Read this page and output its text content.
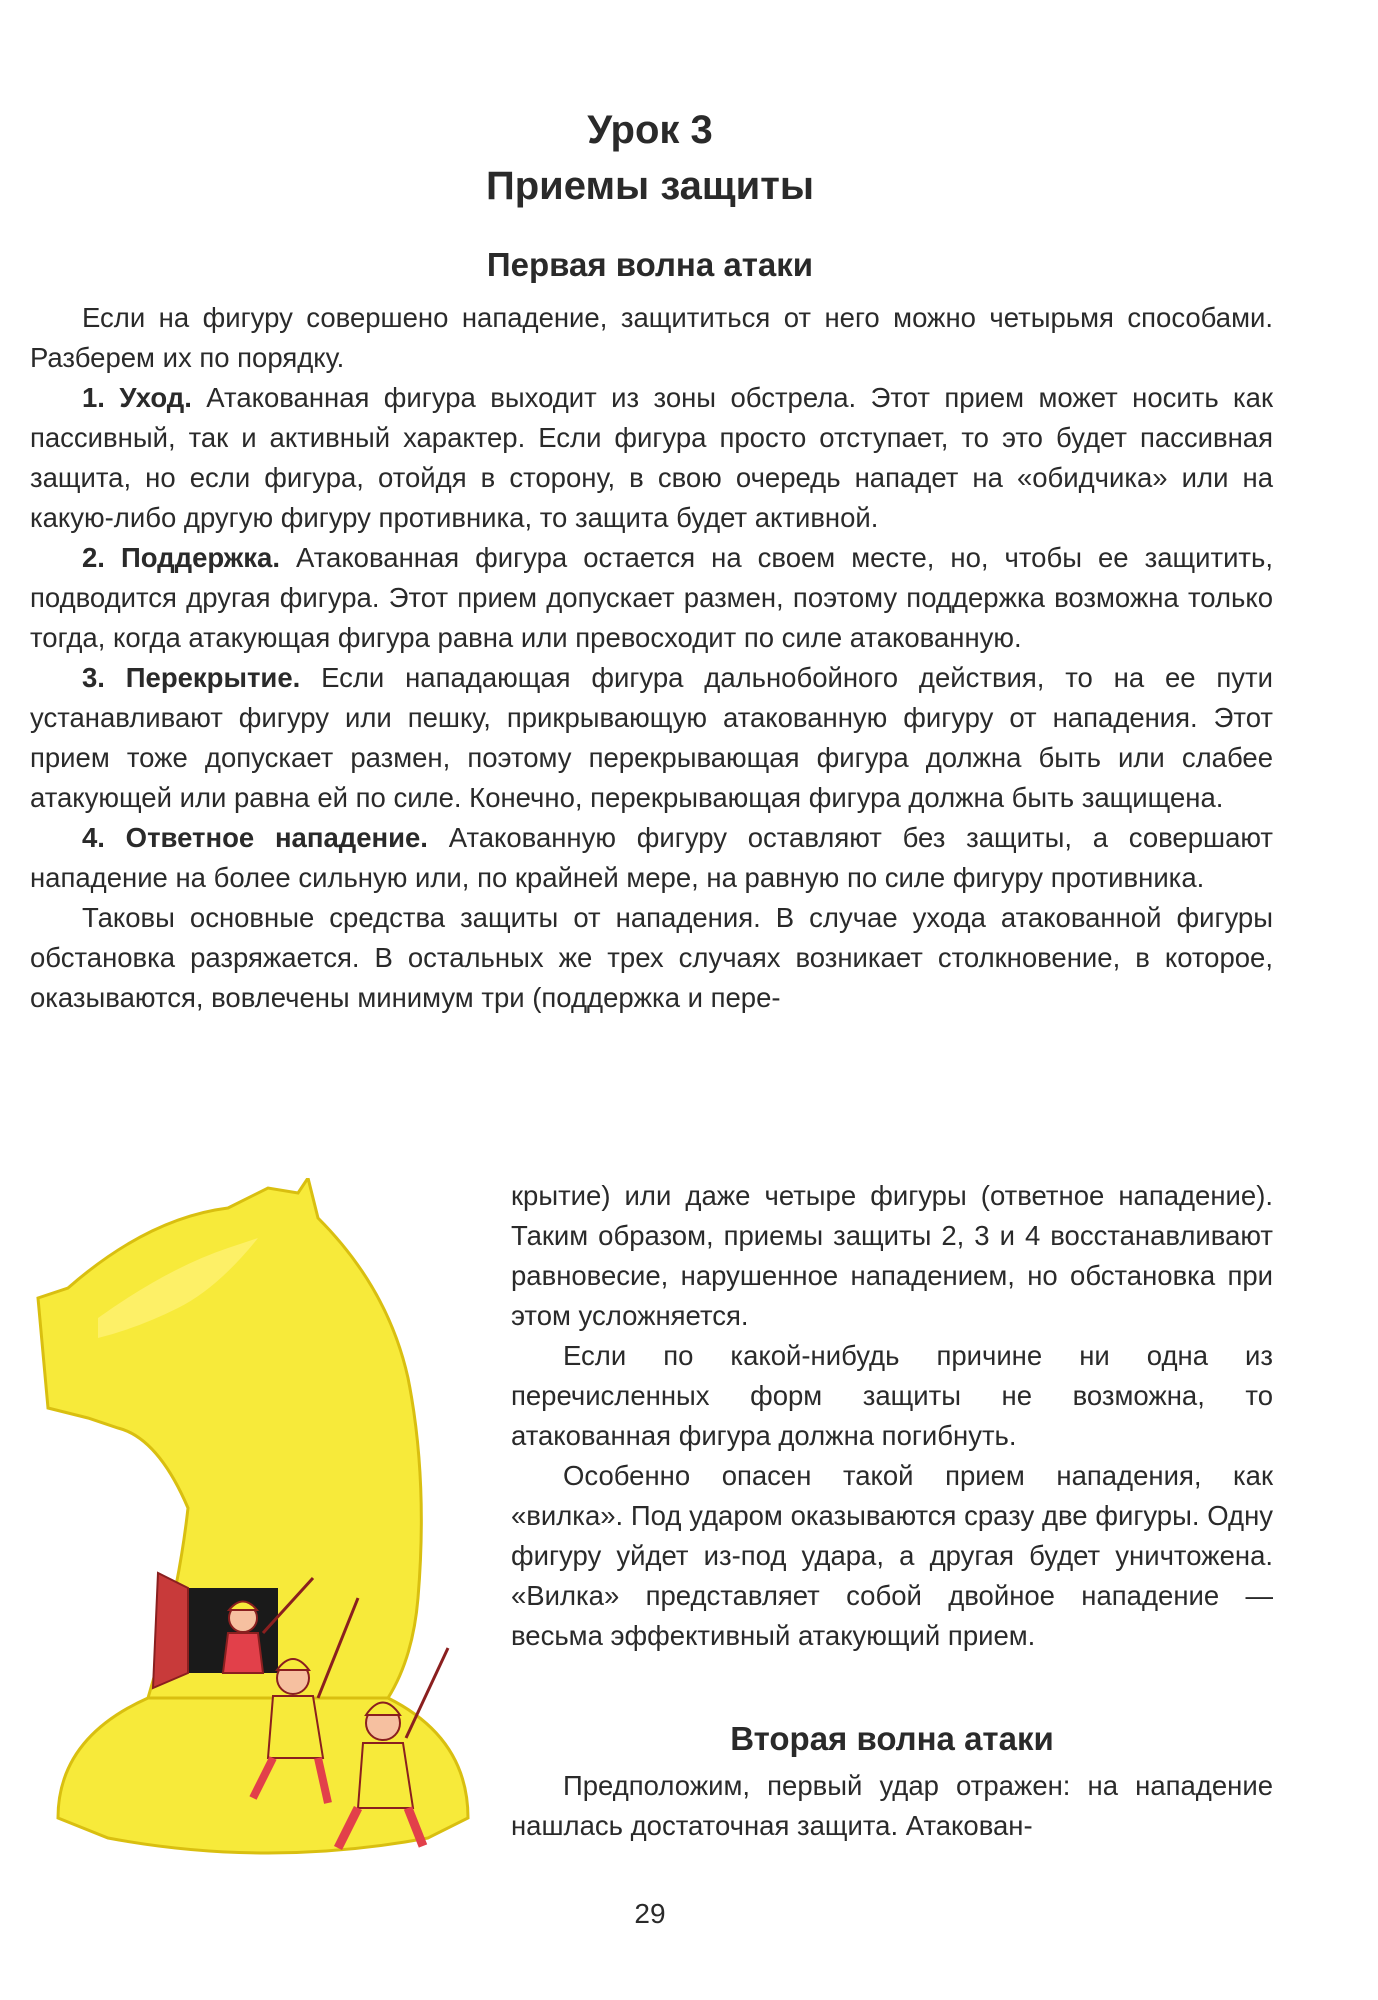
Урок 3
Приемы защиты
Первая волна атаки

Если на фигуру совершено нападение, защититься от него можно четырьмя способами. Разберем их по порядку.

1. Уход. Атакованная фигура выходит из зоны обстрела. Этот прием может носить как пассивный, так и активный характер. Если фигура просто отступает, то это будет пассивная защита, но если фигура, отойдя в сторону, в свою очередь нападет на «обидчика» или на какую-либо другую фигуру противника, то защита будет активной.

2. Поддержка. Атакованная фигура остается на своем месте, но, чтобы ее защитить, подводится другая фигура. Этот прием допускает размен, поэтому поддержка возможна только тогда, когда атакующая фигура равна или превосходит по силе атакованную.

3. Перекрытие. Если нападающая фигура дальнобойного действия, то на ее пути устанавливают фигуру или пешку, прикрывающую атакованную фигуру от нападения. Этот прием тоже допускает размен, поэтому перекрывающая фигура должна быть или слабее атакующей или равна ей по силе. Конечно, перекрывающая фигура должна быть защищена.

4. Ответное нападение. Атакованную фигуру оставляют без защиты, а совершают нападение на более сильную или, по крайней мере, на равную по силе фигуру противника.

Таковы основные средства защиты от нападения. В случае ухода атакованной фигуры обстановка разряжается. В остальных же трех случаях возникает столкновение, в которое, оказываются, вовлечены минимум три (поддержка и пере-

крытие) или даже четыре фигуры (ответное нападение). Таким образом, приемы защиты 2, 3 и 4 восстанавливают равновесие, нарушенное нападением, но обстановка при этом усложняется.

Если по какой-нибудь причине ни одна из перечисленных форм защиты не возможна, то атакованная фигура должна погибнуть.

Особенно опасен такой прием нападения, как «вилка». Под ударом оказываются сразу две фигуры. Одну фигуру уйдет из-под удара, а другая будет уничтожена. «Вилка» представляет собой двойное нападение — весьма эффективный атакующий прием.

Вторая волна атаки

Предположим, первый удар отражен: на нападение нашлась достаточная защита. Атакован-

29
